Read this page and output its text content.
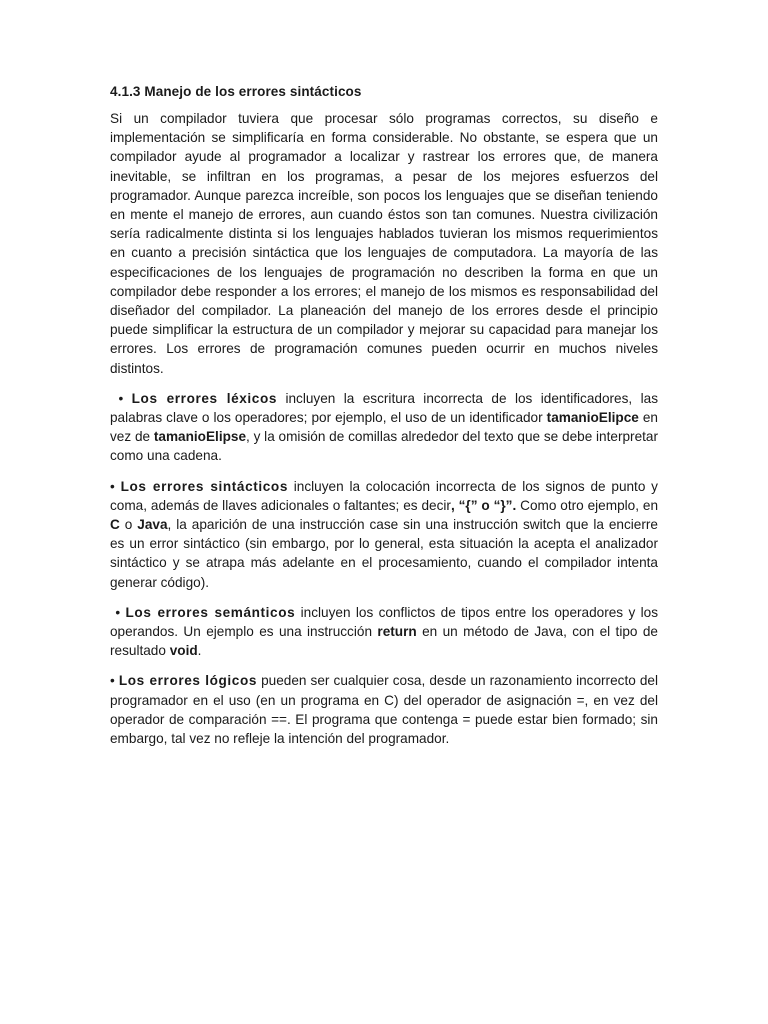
4.1.3 Manejo de los errores sintácticos

Si un compilador tuviera que procesar sólo programas correctos, su diseño e implementación se simplificaría en forma considerable. No obstante, se espera que un compilador ayude al programador a localizar y rastrear los errores que, de manera inevitable, se infiltran en los programas, a pesar de los mejores esfuerzos del programador. Aunque parezca increíble, son pocos los lenguajes que se diseñan teniendo en mente el manejo de errores, aun cuando éstos son tan comunes. Nuestra civilización sería radicalmente distinta si los lenguajes hablados tuvieran los mismos requerimientos en cuanto a precisión sintáctica que los lenguajes de computadora. La mayoría de las especificaciones de los lenguajes de programación no describen la forma en que un compilador debe responder a los errores; el manejo de los mismos es responsabilidad del diseñador del compilador. La planeación del manejo de los errores desde el principio puede simplificar la estructura de un compilador y mejorar su capacidad para manejar los errores. Los errores de programación comunes pueden ocurrir en muchos niveles distintos.

• Los errores léxicos incluyen la escritura incorrecta de los identificadores, las palabras clave o los operadores; por ejemplo, el uso de un identificador tamanioElipce en vez de tamanioElipse, y la omisión de comillas alrededor del texto que se debe interpretar como una cadena.

• Los errores sintácticos incluyen la colocación incorrecta de los signos de punto y coma, además de llaves adicionales o faltantes; es decir, “{” o “}”. Como otro ejemplo, en C o Java, la aparición de una instrucción case sin una instrucción switch que la encierre es un error sintáctico (sin embargo, por lo general, esta situación la acepta el analizador sintáctico y se atrapa más adelante en el procesamiento, cuando el compilador intenta generar código).

• Los errores semánticos incluyen los conflictos de tipos entre los operadores y los operandos. Un ejemplo es una instrucción return en un método de Java, con el tipo de resultado void.

• Los errores lógicos pueden ser cualquier cosa, desde un razonamiento incorrecto del programador en el uso (en un programa en C) del operador de asignación =, en vez del operador de comparación ==. El programa que contenga = puede estar bien formado; sin embargo, tal vez no refleje la intención del programador.
